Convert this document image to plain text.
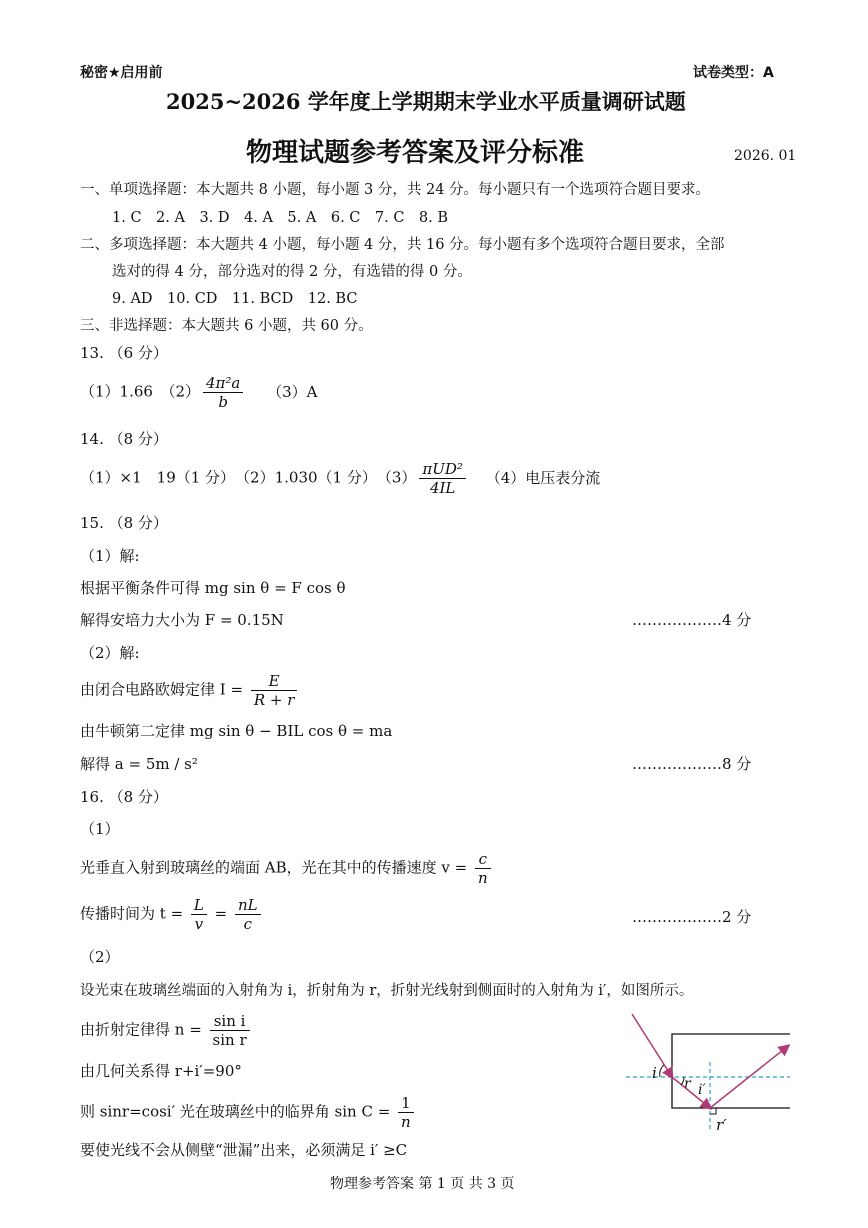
秘密★启用前	试卷类型：A
2025~2026 学年度上学期期末学业水平质量调研试题
物理试题参考答案及评分标准	2026. 01
一、单项选择题：本大题共 8 小题，每小题 3 分，共 24 分。每小题只有一个选项符合题目要求。
1. C　2. A　3. D　4. A　5. A　6. C　7. C　8. B
二、多项选择题：本大题共 4 小题，每小题 4 分，共 16 分。每小题有多个选项符合题目要求，全部
选对的得 4 分，部分选对的得 2 分，有选错的得 0 分。
9. AD　10. CD　11. BCD　12. BC
三、非选择题：本大题共 6 小题，共 60 分。
13. （6 分）
（1）1.66　$(2) \frac{\text{4π²a}}{b} (3)A$
14. （8 分）
（1）×1　19（1 分）　（2）1.030（1 分）　$(3) \frac{\text{πUD²}}{4IL} (4)$电压表分流
15. （8 分）
（1）解:
根据平衡条件可得 mg sin θ = F cos θ
解得安培力大小为 F = 0.15N	………………4 分
（2）解:
由闭合电路欧姆定律 $I = \frac{E}{R + r}$
由牛顿第二定律 mg sin θ − BIL cos θ = ma
解得 a = 5m / s²	………………8 分
16. （8 分）
（1）
光垂直入射到玻璃丝的端面 AB，光在其中的传播速度 $v = \frac{c}{n}$
传播时间为 $t = \frac{L}{v} = \frac{nL}{c}$	………………2 分
（2）
设光束在玻璃丝端面的入射角为 i，折射角为 r，折射光线射到侧面时的入射角为 i′，如图所示。
由折射定律得 $n = \frac{\text{sin i}}{\text{sin r}}$
由几何关系得 r+i′=90°
则 sinr=cosi′ 光在玻璃丝中的临界角 $\sin C = \frac{1}{n}$
要使光线不会从侧壁“泄漏”出来，必须满足 i′ ≥C
i
r i′
r′
物理参考答案 第 1 页 共 3 页
